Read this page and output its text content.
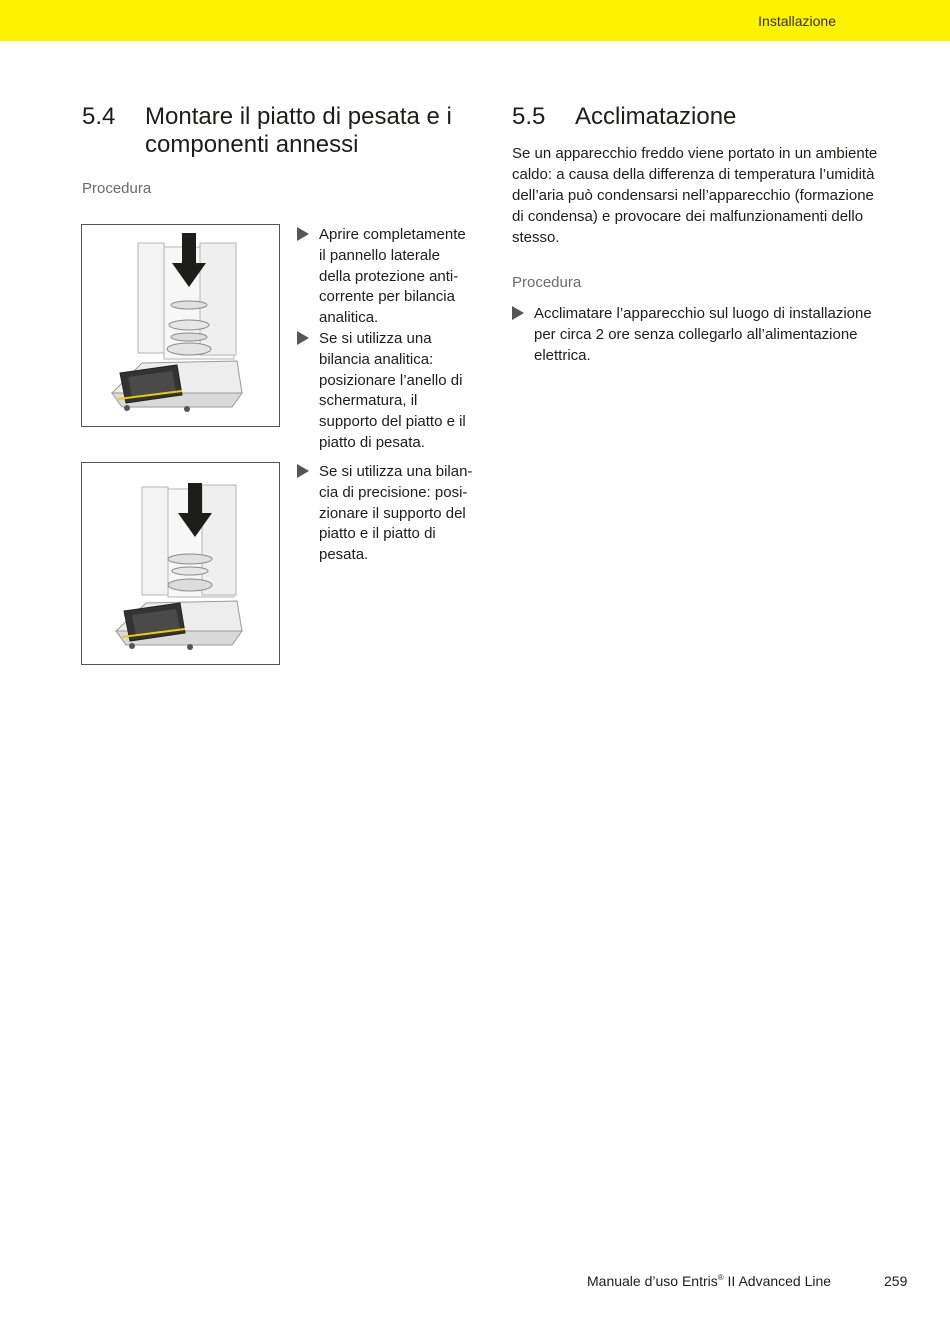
Installazione
5.4 Montare il piatto di pesata e i
componenti annessi
Procedura
Aprire completamente
il pannello laterale
della protezione anti-
corrente per bilancia
analitica.
Se si utilizza una
bilancia analitica:
posizionare l’anello di
schermatura, il
supporto del piatto e il
piatto di pesata.
Se si utilizza una bilan-
cia di precisione: posi-
zionare il supporto del
piatto e il piatto di
pesata.
5.5 Acclimatazione

Se un apparecchio freddo viene portato in un ambiente
caldo: a causa della differenza di temperatura l’umidità
dell’aria può condensarsi nell’apparecchio (formazione
di condensa) e provocare dei malfunzionamenti dello
stesso.

Procedura
Acclimatare l’apparecchio sul luogo di installazione
per circa 2 ore senza collegarlo all’alimentazione
elettrica.
Manuale d’uso Entris® II Advanced Line	259
